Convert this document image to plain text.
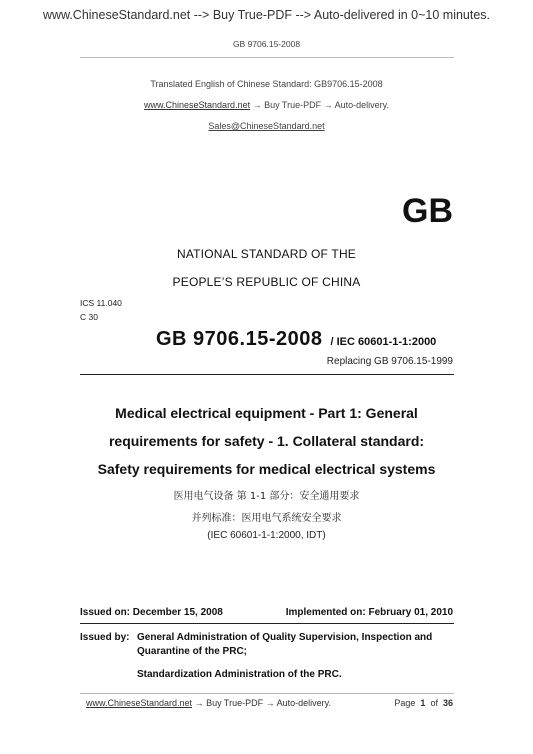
www.ChineseStandard.net --> Buy True-PDF --> Auto-delivered in 0~10 minutes.
GB 9706.15-2008
Translated English of Chinese Standard: GB9706.15-2008
www.ChineseStandard.net → Buy True-PDF → Auto-delivery.
Sales@ChineseStandard.net
GB
NATIONAL STANDARD OF THE
PEOPLE’S REPUBLIC OF CHINA
ICS 11.040
C 30
GB 9706.15-2008 / IEC 60601-1-1:2000
Replacing GB 9706.15-1999
Medical electrical equipment - Part 1: General
requirements for safety - 1. Collateral standard:
Safety requirements for medical electrical systems
医用电气设备 第 1-1 部分：安全通用要求
并列标准：医用电气系统安全要求
(IEC 60601-1-1:2000, IDT)
Issued on: December 15, 2008	Implemented on: February 01, 2010
Issued by: General Administration of Quality Supervision, Inspection and
Quarantine of the PRC;
Standardization Administration of the PRC.
www.ChineseStandard.net → Buy True-PDF → Auto-delivery.	Page 1 of 36
